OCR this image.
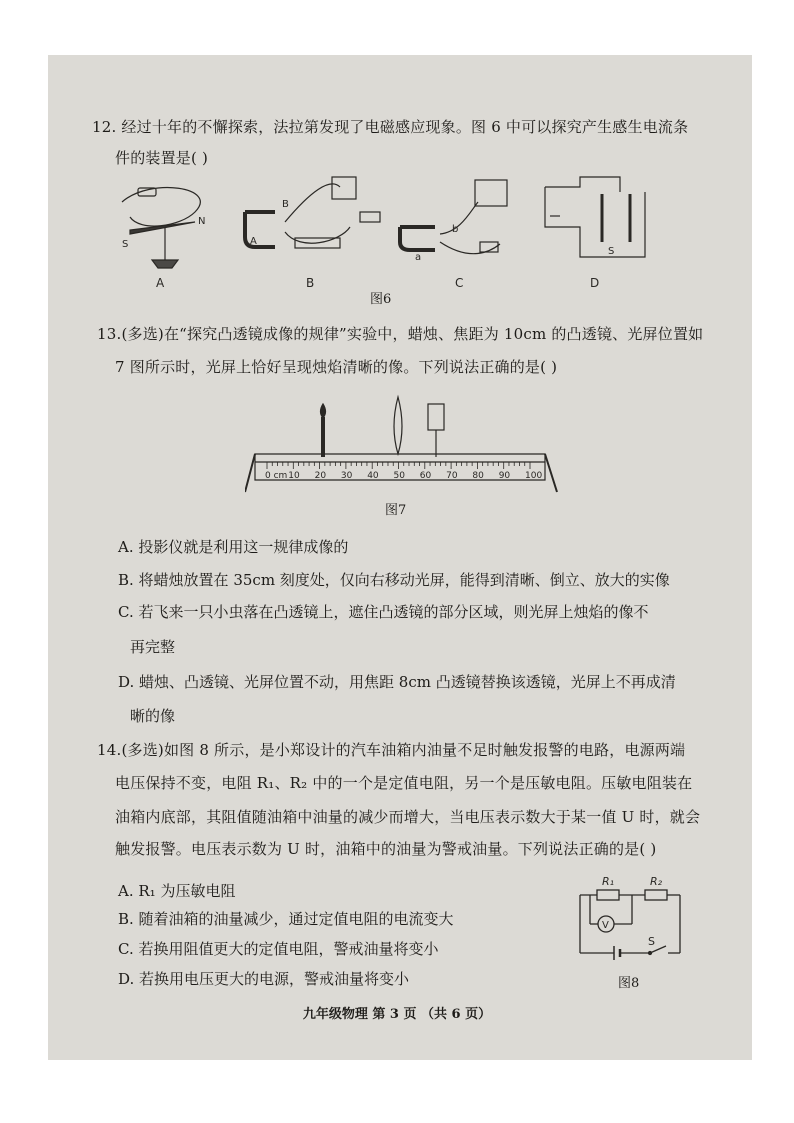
12. 经过十年的不懈探索，法拉第发现了电磁感应现象。图 6 中可以探究产生感生电流条
件的装置是( )
S
N
A
B
a
b
S
A	B	C	D
图6
13.(多选)在“探究凸透镜成像的规律”实验中，蜡烛、焦距为 10cm 的凸透镜、光屏位置如
7 图所示时，光屏上恰好呈现烛焰清晰的像。下列说法正确的是( )
0 cm 10 20 30 40 50 60 70 80 90 100
图7
A. 投影仪就是利用这一规律成像的
B. 将蜡烛放置在 35cm 刻度处，仅向右移动光屏，能得到清晰、倒立、放大的实像
C. 若飞来一只小虫落在凸透镜上，遮住凸透镜的部分区域，则光屏上烛焰的像不
再完整
D. 蜡烛、凸透镜、光屏位置不动，用焦距 8cm 凸透镜替换该透镜，光屏上不再成清
晰的像
14.(多选)如图 8 所示，是小郑设计的汽车油箱内油量不足时触发报警的电路，电源两端
电压保持不变，电阻 R₁、R₂ 中的一个是定值电阻，另一个是压敏电阻。压敏电阻装在
油箱内底部，其阻值随油箱中油量的减少而增大，当电压表示数大于某一值 U 时，就会
触发报警。电压表示数为 U 时，油箱中的油量为警戒油量。下列说法正确的是( )
A. R₁ 为压敏电阻
B. 随着油箱的油量减少，通过定值电阻的电流变大
C. 若换用阻值更大的定值电阻，警戒油量将变小
D. 若换用电压更大的电源，警戒油量将变小
R₁	R₂
V
S
图8
九年级物理 第 3 页 （共 6 页）
